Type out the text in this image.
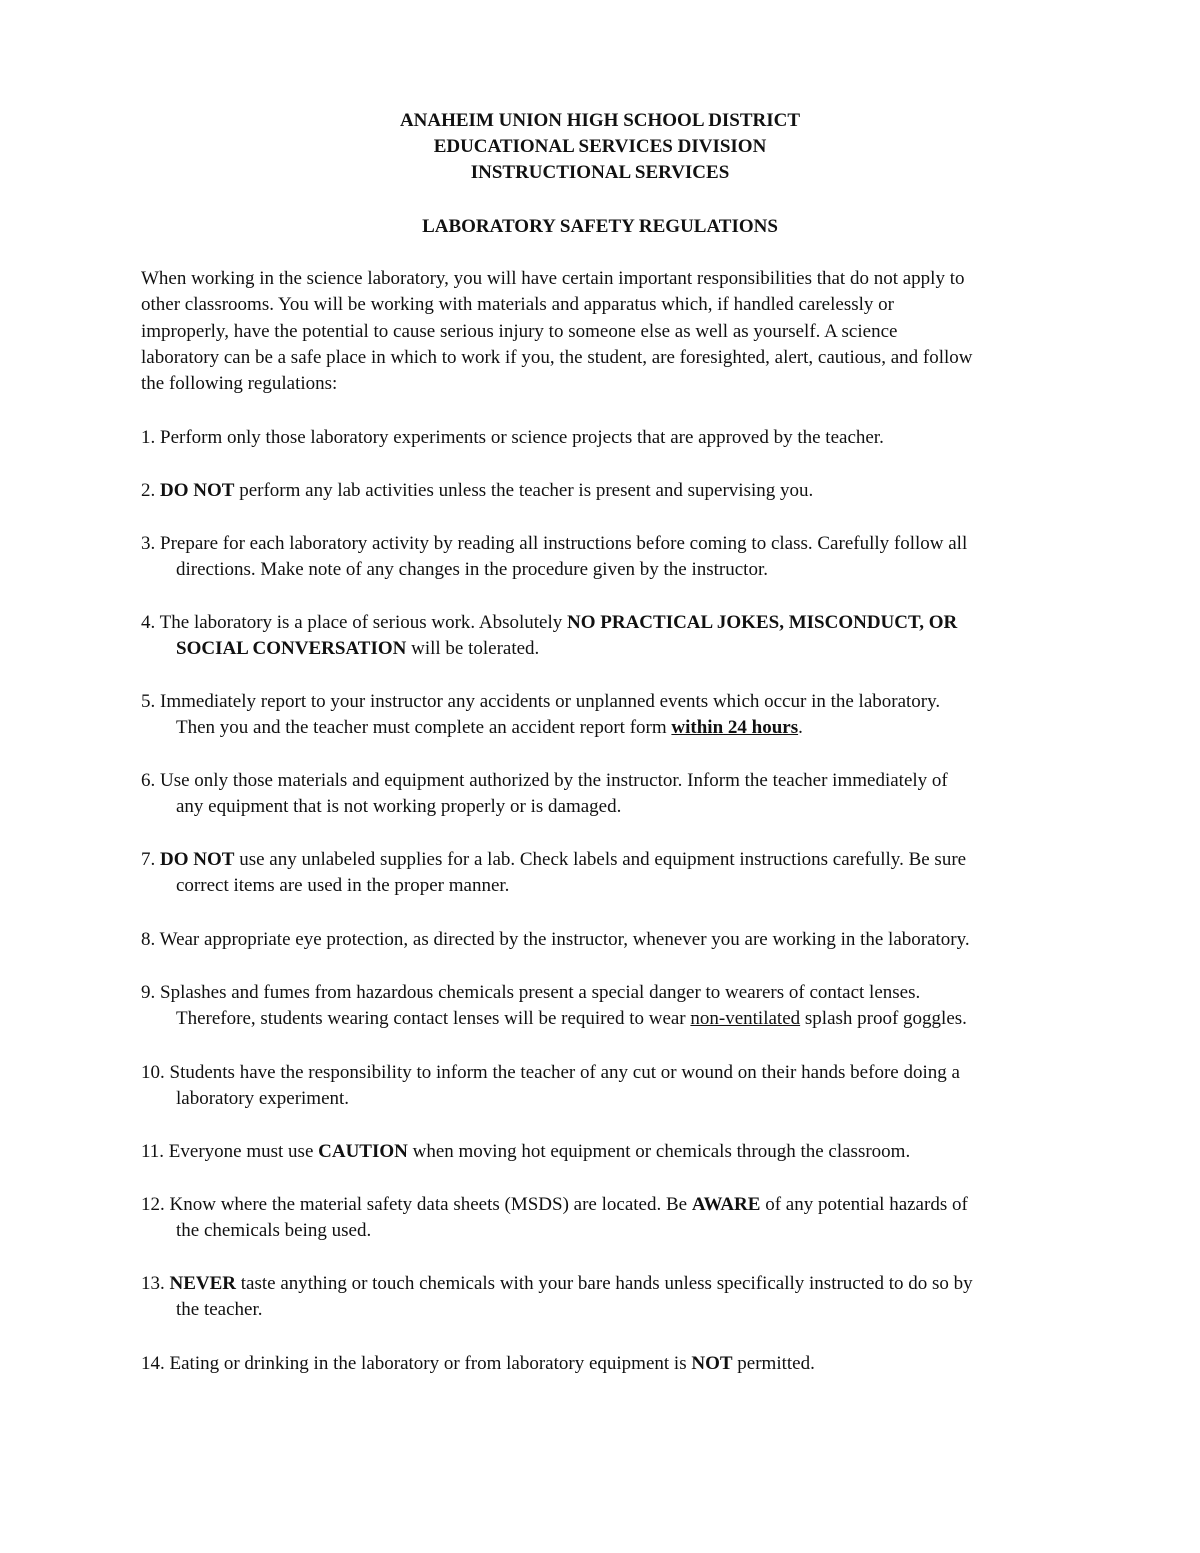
ANAHEIM UNION HIGH SCHOOL DISTRICT
EDUCATIONAL SERVICES DIVISION
INSTRUCTIONAL SERVICES
LABORATORY SAFETY REGULATIONS
When working in the science laboratory, you will have certain important responsibilities that do not apply to
other classrooms. You will be working with materials and apparatus which, if handled carelessly or
improperly, have the potential to cause serious injury to someone else as well as yourself. A science
laboratory can be a safe place in which to work if you, the student, are foresighted, alert, cautious, and follow
the following regulations:
1. Perform only those laboratory experiments or science projects that are approved by the teacher.
2. DO NOT perform any lab activities unless the teacher is present and supervising you.
3. Prepare for each laboratory activity by reading all instructions before coming to class. Carefully follow all
directions. Make note of any changes in the procedure given by the instructor.
4. The laboratory is a place of serious work. Absolutely NO PRACTICAL JOKES, MISCONDUCT, OR
SOCIAL CONVERSATION will be tolerated.
5. Immediately report to your instructor any accidents or unplanned events which occur in the laboratory.
Then you and the teacher must complete an accident report form within 24 hours.
6. Use only those materials and equipment authorized by the instructor. Inform the teacher immediately of
any equipment that is not working properly or is damaged.
7. DO NOT use any unlabeled supplies for a lab. Check labels and equipment instructions carefully. Be sure
correct items are used in the proper manner.
8. Wear appropriate eye protection, as directed by the instructor, whenever you are working in the laboratory.
9. Splashes and fumes from hazardous chemicals present a special danger to wearers of contact lenses.
Therefore, students wearing contact lenses will be required to wear non-ventilated splash proof goggles.
10. Students have the responsibility to inform the teacher of any cut or wound on their hands before doing a
laboratory experiment.
11. Everyone must use CAUTION when moving hot equipment or chemicals through the classroom.
12. Know where the material safety data sheets (MSDS) are located. Be AWARE of any potential hazards of
the chemicals being used.
13. NEVER taste anything or touch chemicals with your bare hands unless specifically instructed to do so by
the teacher.
14. Eating or drinking in the laboratory or from laboratory equipment is NOT permitted.
